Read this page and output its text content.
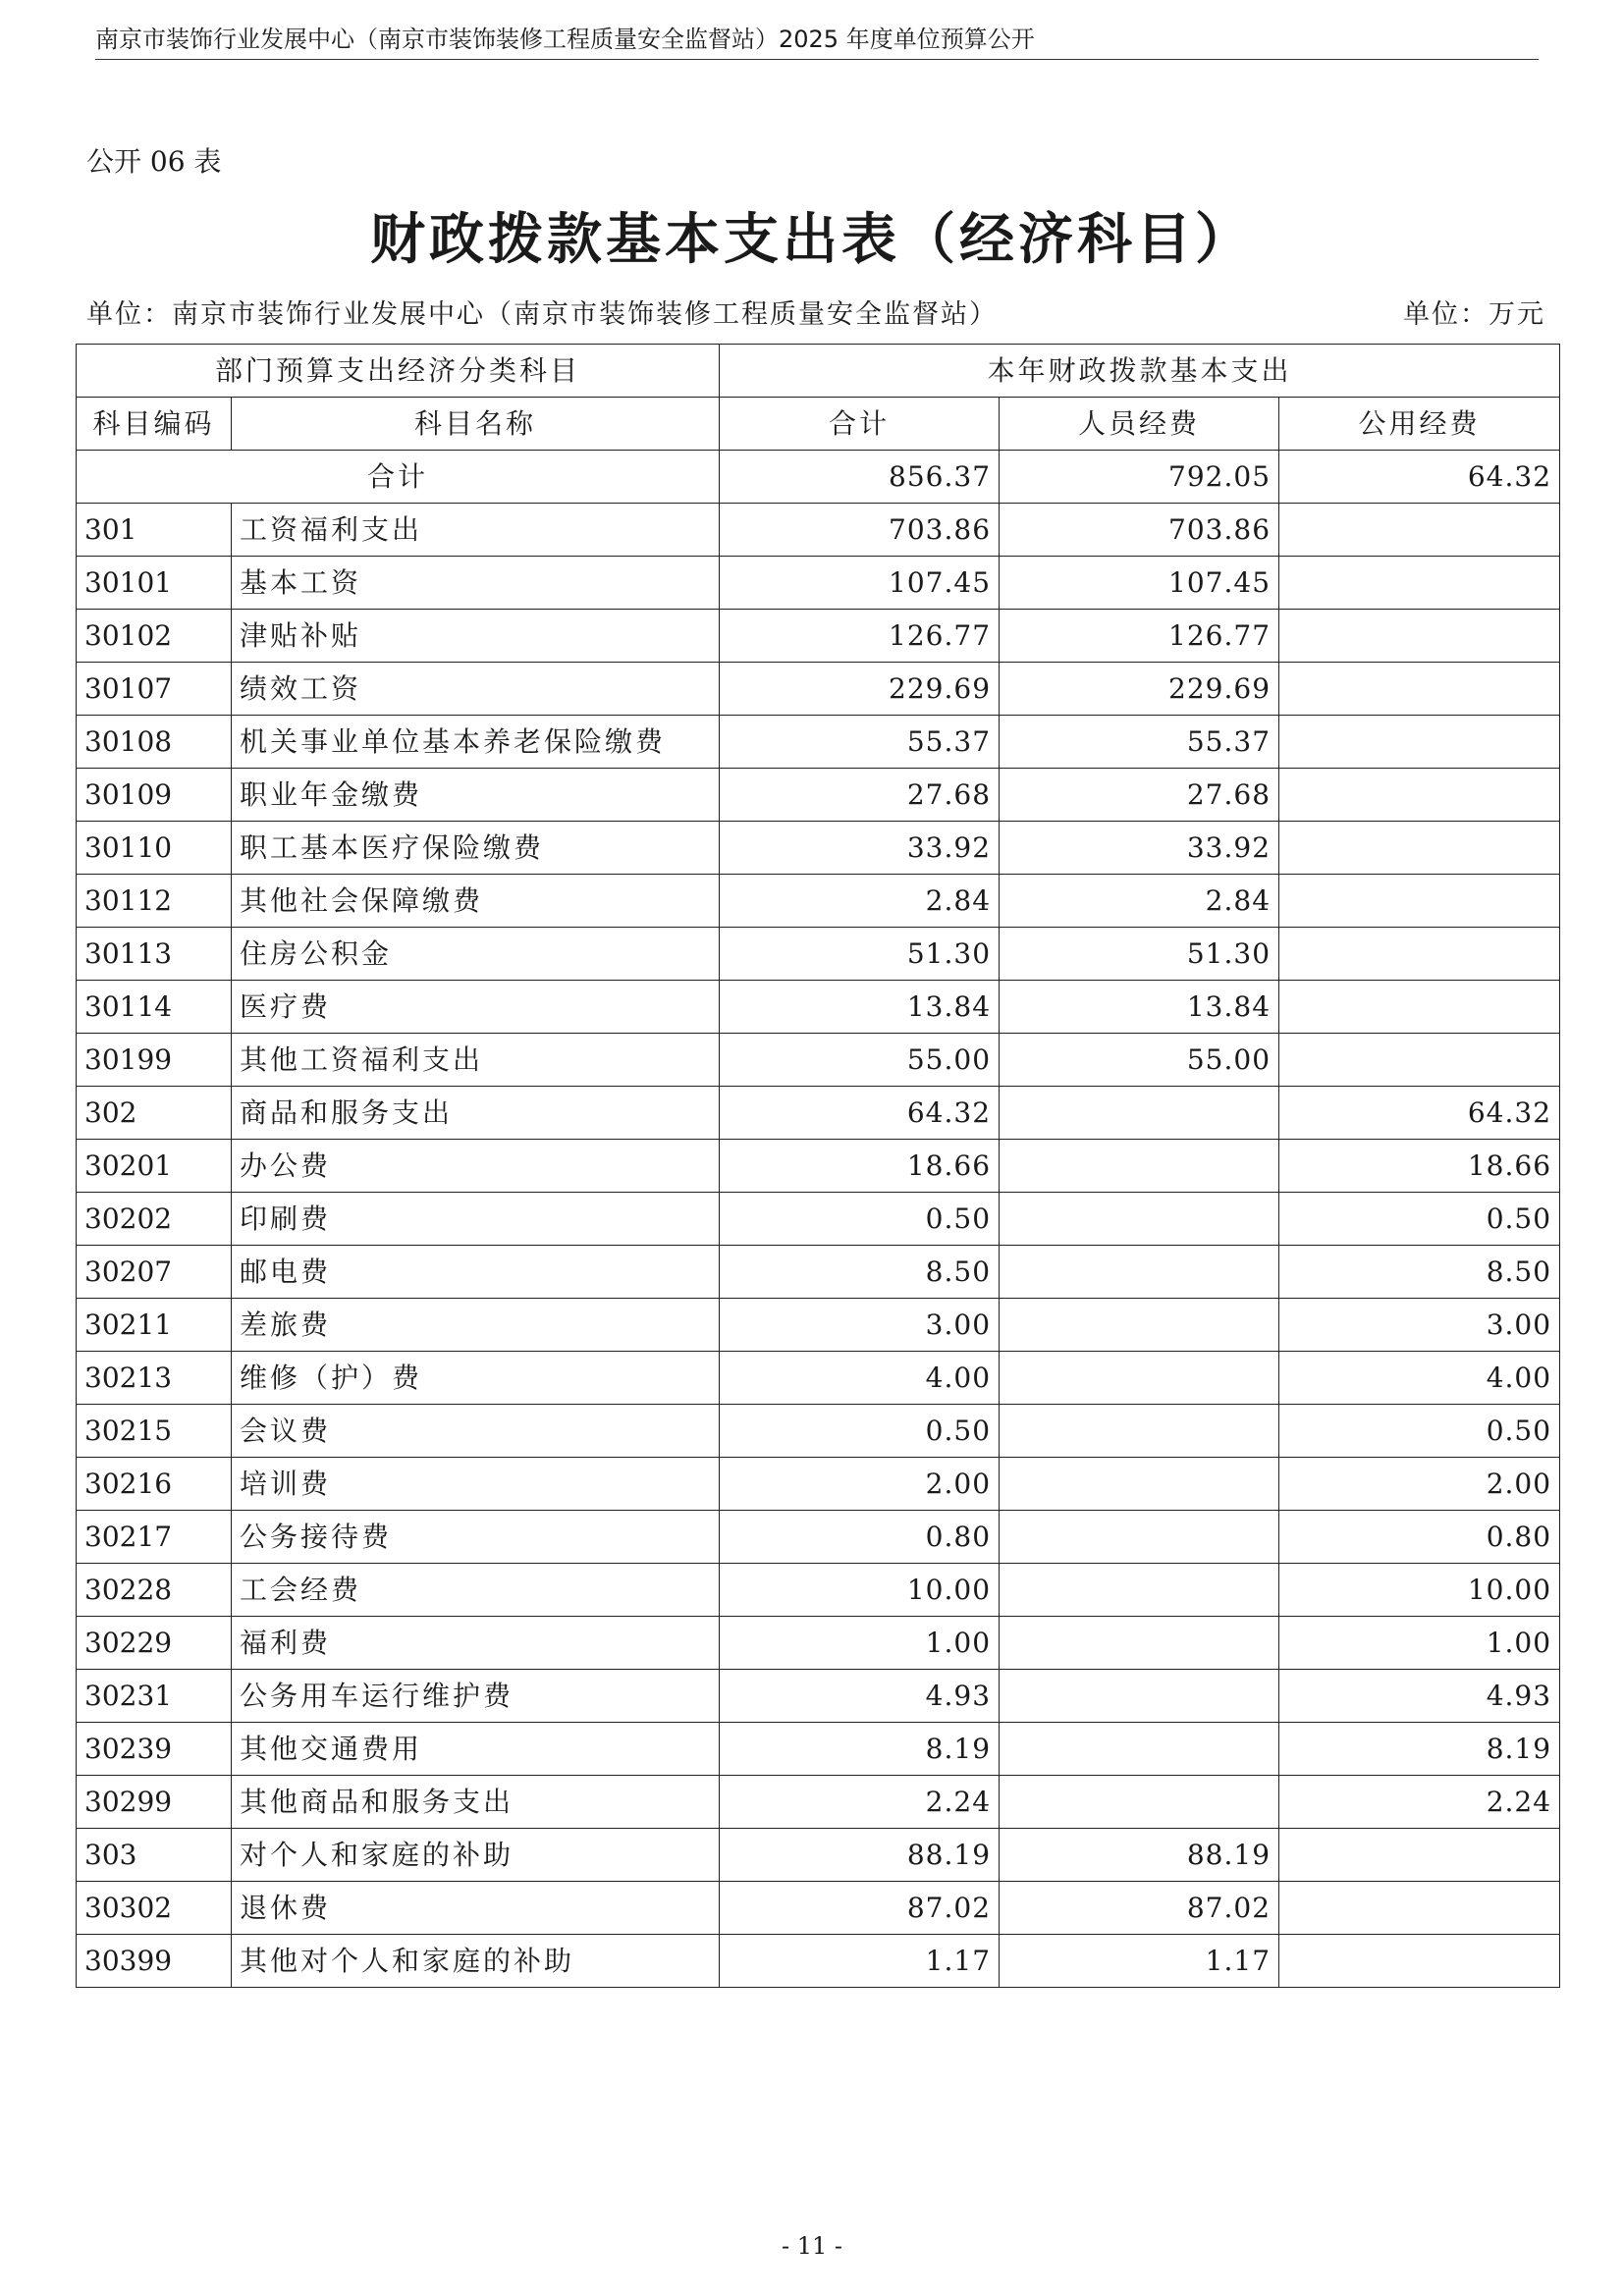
南京市装饰行业发展中心（南京市装饰装修工程质量安全监督站）2025 年度单位预算公开
公开 06 表
财政拨款基本支出表（经济科目）
单位：南京市装饰行业发展中心（南京市装饰装修工程质量安全监督站）	单位：万元
部门预算支出经济分类科目		本年财政拨款基本支出		
科目编码	科目名称	合计	人员经费	公用经费
合计		856.37	792.05	64.32
301	工资福利支出	703.86	703.86	
30101	基本工资	107.45	107.45	
30102	津贴补贴	126.77	126.77	
30107	绩效工资	229.69	229.69	
30108	机关事业单位基本养老保险缴费	55.37	55.37	
30109	职业年金缴费	27.68	27.68	
30110	职工基本医疗保险缴费	33.92	33.92	
30112	其他社会保障缴费	2.84	2.84	
30113	住房公积金	51.30	51.30	
30114	医疗费	13.84	13.84	
30199	其他工资福利支出	55.00	55.00	
302	商品和服务支出	64.32		64.32
30201	办公费	18.66		18.66
30202	印刷费	0.50		0.50
30207	邮电费	8.50		8.50
30211	差旅费	3.00		3.00
30213	维修（护）费	4.00		4.00
30215	会议费	0.50		0.50
30216	培训费	2.00		2.00
30217	公务接待费	0.80		0.80
30228	工会经费	10.00		10.00
30229	福利费	1.00		1.00
30231	公务用车运行维护费	4.93		4.93
30239	其他交通费用	8.19		8.19
30299	其他商品和服务支出	2.24		2.24
303	对个人和家庭的补助	88.19	88.19	
30302	退休费	87.02	87.02	
30399	其他对个人和家庭的补助	1.17	1.17	
- 11 -
